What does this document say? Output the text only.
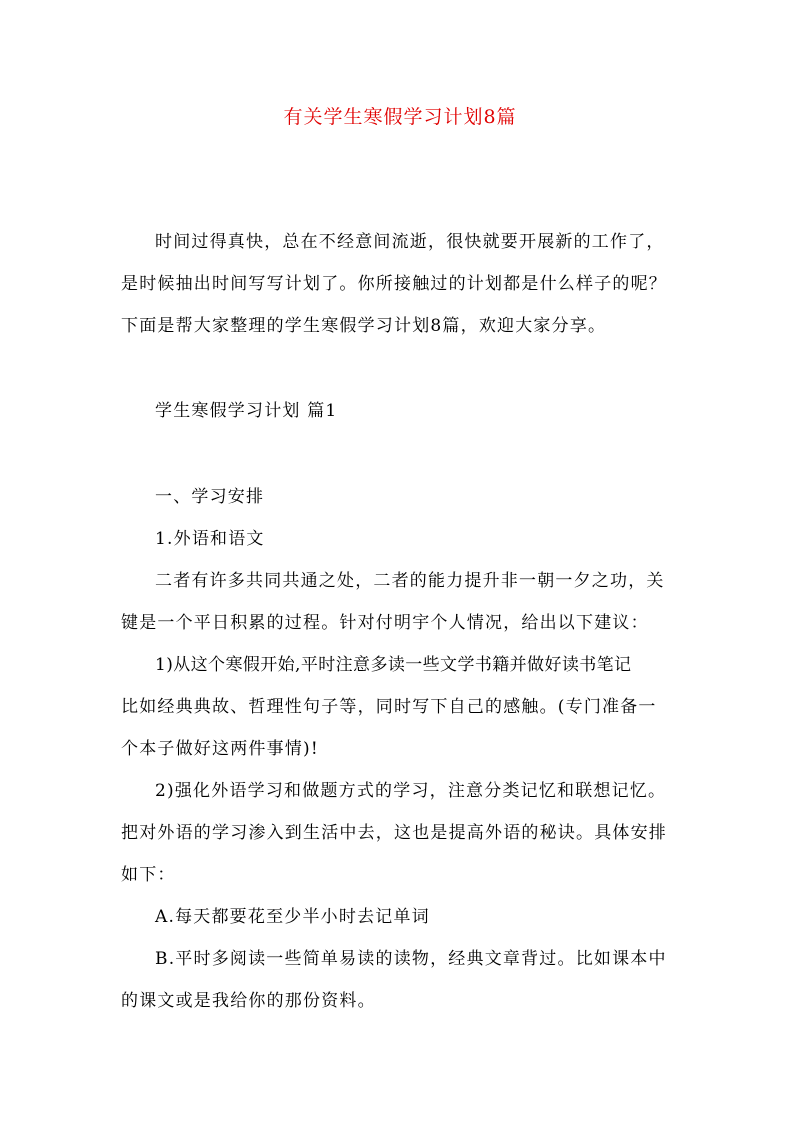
有关学生寒假学习计划8篇
时间过得真快，总在不经意间流逝，很快就要开展新的工作了，
是时候抽出时间写写计划了。你所接触过的计划都是什么样子的呢？
下面是帮大家整理的学生寒假学习计划8篇，欢迎大家分享。
学生寒假学习计划 篇1
一、学习安排
1.外语和语文
二者有许多共同共通之处，二者的能力提升非一朝一夕之功，关
键是一个平日积累的过程。针对付明宇个人情况，给出以下建议：
1)从这个寒假开始,平时注意多读一些文学书籍并做好读书笔记
比如经典典故、哲理性句子等，同时写下自己的感触。(专门准备一
个本子做好这两件事情)!
2)强化外语学习和做题方式的学习，注意分类记忆和联想记忆。
把对外语的学习渗入到生活中去，这也是提高外语的秘诀。具体安排
如下：
A.每天都要花至少半小时去记单词
B.平时多阅读一些简单易读的读物，经典文章背过。比如课本中
的课文或是我给你的那份资料。
